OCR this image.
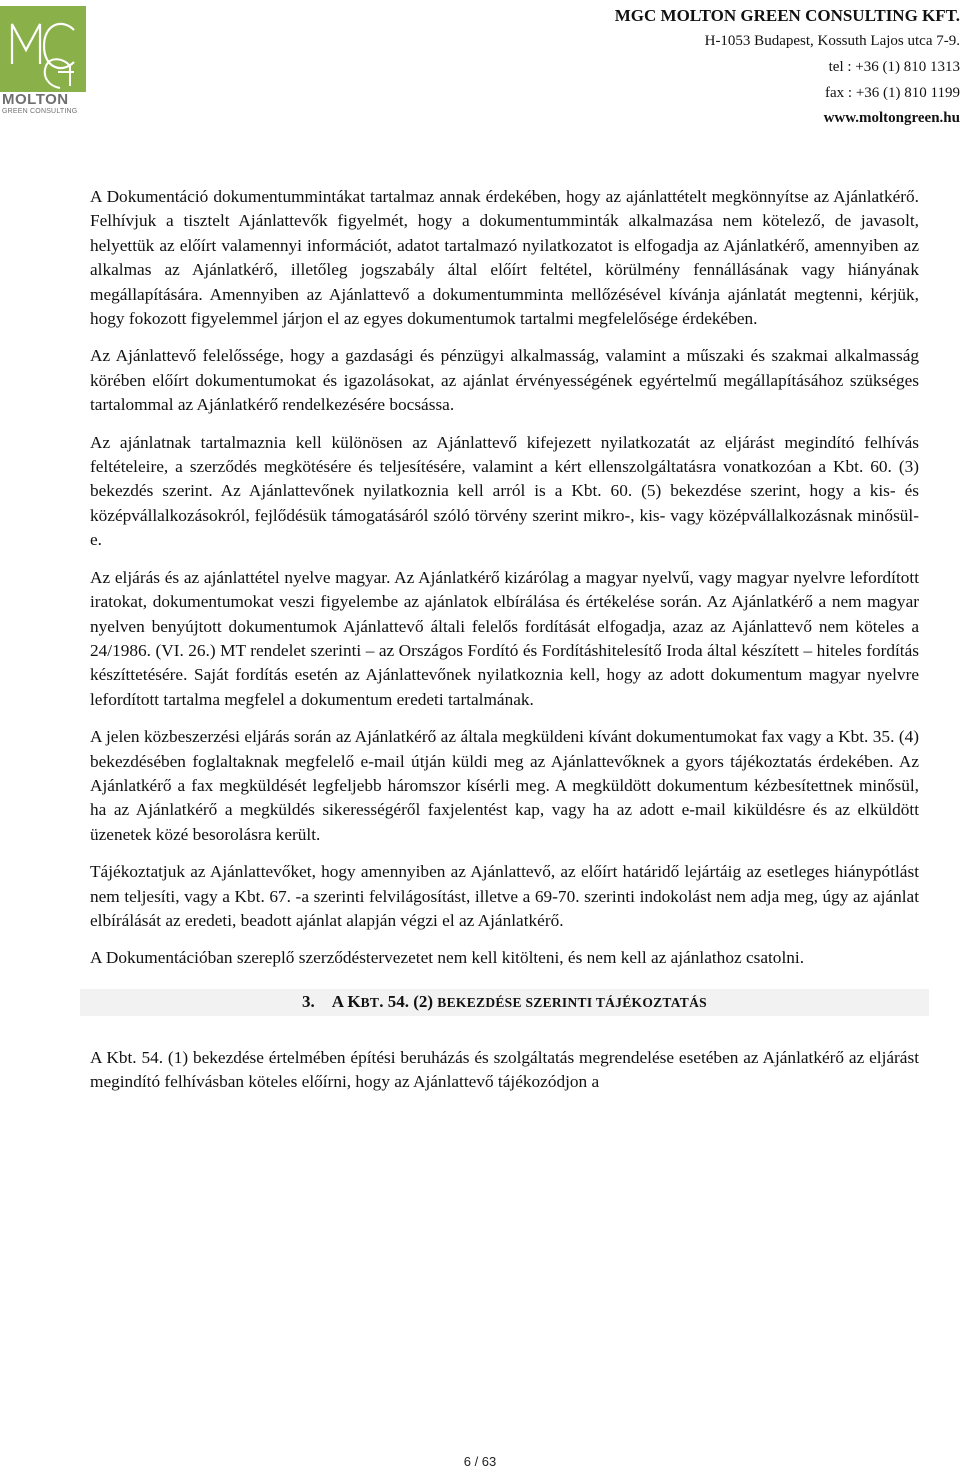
MOLTON
GREEN CONSULTING
MGC MOLTON GREEN CONSULTING KFT.
H-1053 Budapest, Kossuth Lajos utca 7-9.
tel : +36 (1) 810 1313
fax : +36 (1) 810 1199
www.moltongreen.hu

A Dokumentáció dokumentummintákat tartalmaz annak érdekében, hogy az ajánlattételt megkönnyítse az Ajánlatkérő. Felhívjuk a tisztelt Ajánlattevők figyelmét, hogy a dokumentumminták alkalmazása nem kötelező, de javasolt, helyettük az előírt valamennyi információt, adatot tartalmazó nyilatkozatot is elfogadja az Ajánlatkérő, amennyiben az alkalmas az Ajánlatkérő, illetőleg jogszabály által előírt feltétel, körülmény fennállásának vagy hiányának megállapítására. Amennyiben az Ajánlattevő a dokumentumminta mellőzésével kívánja ajánlatát megtenni, kérjük, hogy fokozott figyelemmel járjon el az egyes dokumentumok tartalmi megfelelősége érdekében.

Az Ajánlattevő felelőssége, hogy a gazdasági és pénzügyi alkalmasság, valamint a műszaki és szakmai alkalmasság körében előírt dokumentumokat és igazolásokat, az ajánlat érvényességének egyértelmű megállapításához szükséges tartalommal az Ajánlatkérő rendelkezésére bocsássa.

Az ajánlatnak tartalmaznia kell különösen az Ajánlattevő kifejezett nyilatkozatát az eljárást megindító felhívás feltételeire, a szerződés megkötésére és teljesítésére, valamint a kért ellenszolgáltatásra vonatkozóan a Kbt. 60. (3) bekezdés szerint. Az Ajánlattevőnek nyilatkoznia kell arról is a Kbt. 60. (5) bekezdése szerint, hogy a kis- és középvállalkozásokról, fejlődésük támogatásáról szóló törvény szerint mikro-, kis- vagy középvállalkozásnak minősül-e.

Az eljárás és az ajánlattétel nyelve magyar. Az Ajánlatkérő kizárólag a magyar nyelvű, vagy magyar nyelvre lefordított iratokat, dokumentumokat veszi figyelembe az ajánlatok elbírálása és értékelése során. Az Ajánlatkérő a nem magyar nyelven benyújtott dokumentumok Ajánlattevő általi felelős fordítását elfogadja, azaz az Ajánlattevő nem köteles a 24/1986. (VI. 26.) MT rendelet szerinti – az Országos Fordító és Fordításhitelesítő Iroda által készített – hiteles fordítás készíttetésére. Saját fordítás esetén az Ajánlattevőnek nyilatkoznia kell, hogy az adott dokumentum magyar nyelvre lefordított tartalma megfelel a dokumentum eredeti tartalmának.

A jelen közbeszerzési eljárás során az Ajánlatkérő az általa megküldeni kívánt dokumentumokat fax vagy a Kbt. 35. (4) bekezdésében foglaltaknak megfelelő e-mail útján küldi meg az Ajánlattevőknek a gyors tájékoztatás érdekében. Az Ajánlatkérő a fax megküldését legfeljebb háromszor kísérli meg. A megküldött dokumentum kézbesítettnek minősül, ha az Ajánlatkérő a megküldés sikerességéről faxjelentést kap, vagy ha az adott e-mail kiküldésre és az elküldött üzenetek közé besorolásra került.

Tájékoztatjuk az Ajánlattevőket, hogy amennyiben az Ajánlattevő, az előírt határidő lejártáig az esetleges hiánypótlást nem teljesíti, vagy a Kbt. 67. -a szerinti felvilágosítást, illetve a 69-70. szerinti indokolást nem adja meg, úgy az ajánlat elbírálását az eredeti, beadott ajánlat alapján végzi el az Ajánlatkérő.

A Dokumentációban szereplő szerződéstervezetet nem kell kitölteni, és nem kell az ajánlathoz csatolni.

3. A KBT. 54. (2) BEKEZDÉSE SZERINTI TÁJÉKOZTATÁS

A Kbt. 54. (1) bekezdése értelmében építési beruházás és szolgáltatás megrendelése esetében az Ajánlatkérő az eljárást megindító felhívásban köteles előírni, hogy az Ajánlattevő tájékozódjon a

6 / 63
